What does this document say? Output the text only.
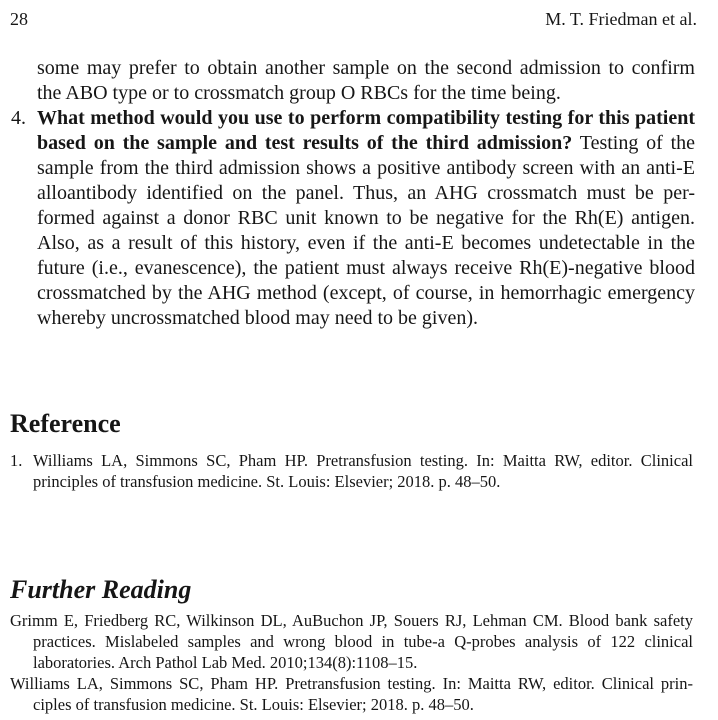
28	M. T. Friedman et al.
some may prefer to obtain another sample on the second admission to confirm
the ABO type or to crossmatch group O RBCs for the time being.
4. What method would you use to perform compatibility testing for this patient
based on the sample and test results of the third admission? Testing of the
sample from the third admission shows a positive antibody screen with an anti-E
alloantibody identified on the panel. Thus, an AHG crossmatch must be per-
formed against a donor RBC unit known to be negative for the Rh(E) antigen.
Also, as a result of this history, even if the anti-E becomes undetectable in the
future (i.e., evanescence), the patient must always receive Rh(E)-negative blood
crossmatched by the AHG method (except, of course, in hemorrhagic emergency
whereby uncrossmatched blood may need to be given).
Reference
1. Williams LA, Simmons SC, Pham HP. Pretransfusion testing. In: Maitta RW, editor. Clinical
principles of transfusion medicine. St. Louis: Elsevier; 2018. p. 48–50.
Further Reading
Grimm E, Friedberg RC, Wilkinson DL, AuBuchon JP, Souers RJ, Lehman CM. Blood bank safety
practices. Mislabeled samples and wrong blood in tube-a Q-probes analysis of 122 clinical
laboratories. Arch Pathol Lab Med. 2010;134(8):1108–15.
Williams LA, Simmons SC, Pham HP. Pretransfusion testing. In: Maitta RW, editor. Clinical prin-
ciples of transfusion medicine. St. Louis: Elsevier; 2018. p. 48–50.
